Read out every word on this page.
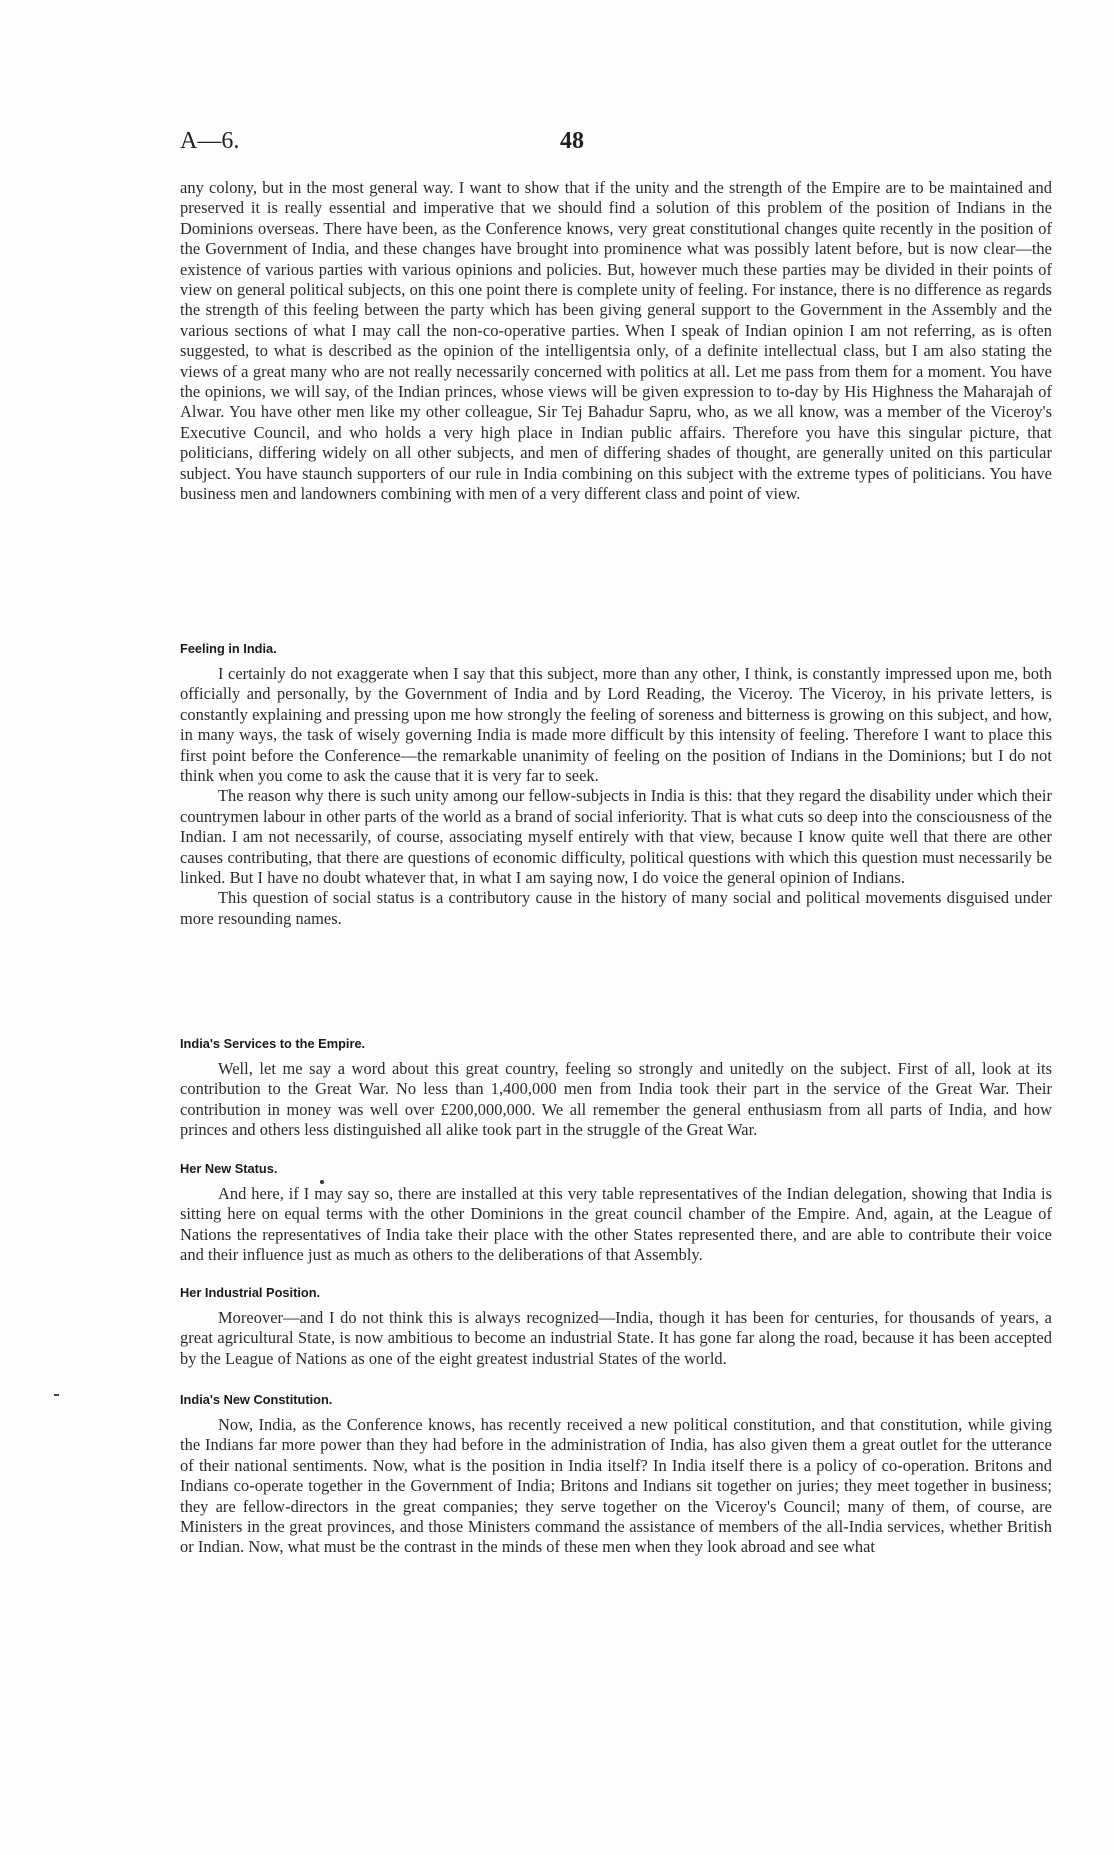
A—6.	48

any colony, but in the most general way. I want to show that if the unity and the strength of the Empire are to be maintained and preserved it is really essential and imperative that we should find a solution of this problem of the position of Indians in the Dominions overseas. There have been, as the Conference knows, very great constitutional changes quite recently in the position of the Government of India, and these changes have brought into prominence what was possibly latent before, but is now clear—the existence of various parties with various opinions and policies. But, however much these parties may be divided in their points of view on general political subjects, on this one point there is complete unity of feeling. For instance, there is no difference as regards the strength of this feeling between the party which has been giving general support to the Government in the Assembly and the various sections of what I may call the non-co-operative parties. When I speak of Indian opinion I am not referring, as is often suggested, to what is described as the opinion of the intelligentsia only, of a definite intellectual class, but I am also stating the views of a great many who are not really necessarily concerned with politics at all. Let me pass from them for a moment. You have the opinions, we will say, of the Indian princes, whose views will be given expression to to-day by His Highness the Maharajah of Alwar. You have other men like my other colleague, Sir Tej Bahadur Sapru, who, as we all know, was a member of the Viceroy's Executive Council, and who holds a very high place in Indian public affairs. Therefore you have this singular picture, that politicians, differing widely on all other subjects, and men of differing shades of thought, are generally united on this particular subject. You have staunch supporters of our rule in India combining on this subject with the extreme types of politicians. You have business men and landowners combining with men of a very different class and point of view.

Feeling in India.

I certainly do not exaggerate when I say that this subject, more than any other, I think, is constantly impressed upon me, both officially and personally, by the Government of India and by Lord Reading, the Viceroy. The Viceroy, in his private letters, is constantly explaining and pressing upon me how strongly the feeling of soreness and bitterness is growing on this subject, and how, in many ways, the task of wisely governing India is made more difficult by this intensity of feeling. Therefore I want to place this first point before the Conference—the remarkable unanimity of feeling on the position of Indians in the Dominions; but I do not think when you come to ask the cause that it is very far to seek.

The reason why there is such unity among our fellow-subjects in India is this: that they regard the disability under which their countrymen labour in other parts of the world as a brand of social inferiority. That is what cuts so deep into the consciousness of the Indian. I am not necessarily, of course, associating myself entirely with that view, because I know quite well that there are other causes contributing, that there are questions of economic difficulty, political questions with which this question must necessarily be linked. But I have no doubt whatever that, in what I am saying now, I do voice the general opinion of Indians.

This question of social status is a contributory cause in the history of many social and political movements disguised under more resounding names.

India's Services to the Empire.

Well, let me say a word about this great country, feeling so strongly and unitedly on the subject. First of all, look at its contribution to the Great War. No less than 1,400,000 men from India took their part in the service of the Great War. Their contribution in money was well over £200,000,000. We all remember the general enthusiasm from all parts of India, and how princes and others less distinguished all alike took part in the struggle of the Great War.

Her New Status.

And here, if I may say so, there are installed at this very table representatives of the Indian delegation, showing that India is sitting here on equal terms with the other Dominions in the great council chamber of the Empire. And, again, at the League of Nations the representatives of India take their place with the other States represented there, and are able to contribute their voice and their influence just as much as others to the deliberations of that Assembly.

Her Industrial Position.

Moreover—and I do not think this is always recognized—India, though it has been for centuries, for thousands of years, a great agricultural State, is now ambitious to become an industrial State. It has gone far along the road, because it has been accepted by the League of Nations as one of the eight greatest industrial States of the world.

India's New Constitution.

Now, India, as the Conference knows, has recently received a new political constitution, and that constitution, while giving the Indians far more power than they had before in the administration of India, has also given them a great outlet for the utterance of their national sentiments. Now, what is the position in India itself? In India itself there is a policy of co-operation. Britons and Indians co-operate together in the Government of India; Britons and Indians sit together on juries; they meet together in business; they are fellow-directors in the great companies; they serve together on the Viceroy's Council; many of them, of course, are Ministers in the great provinces, and those Ministers command the assistance of members of the all-India services, whether British or Indian. Now, what must be the contrast in the minds of these men when they look abroad and see what
